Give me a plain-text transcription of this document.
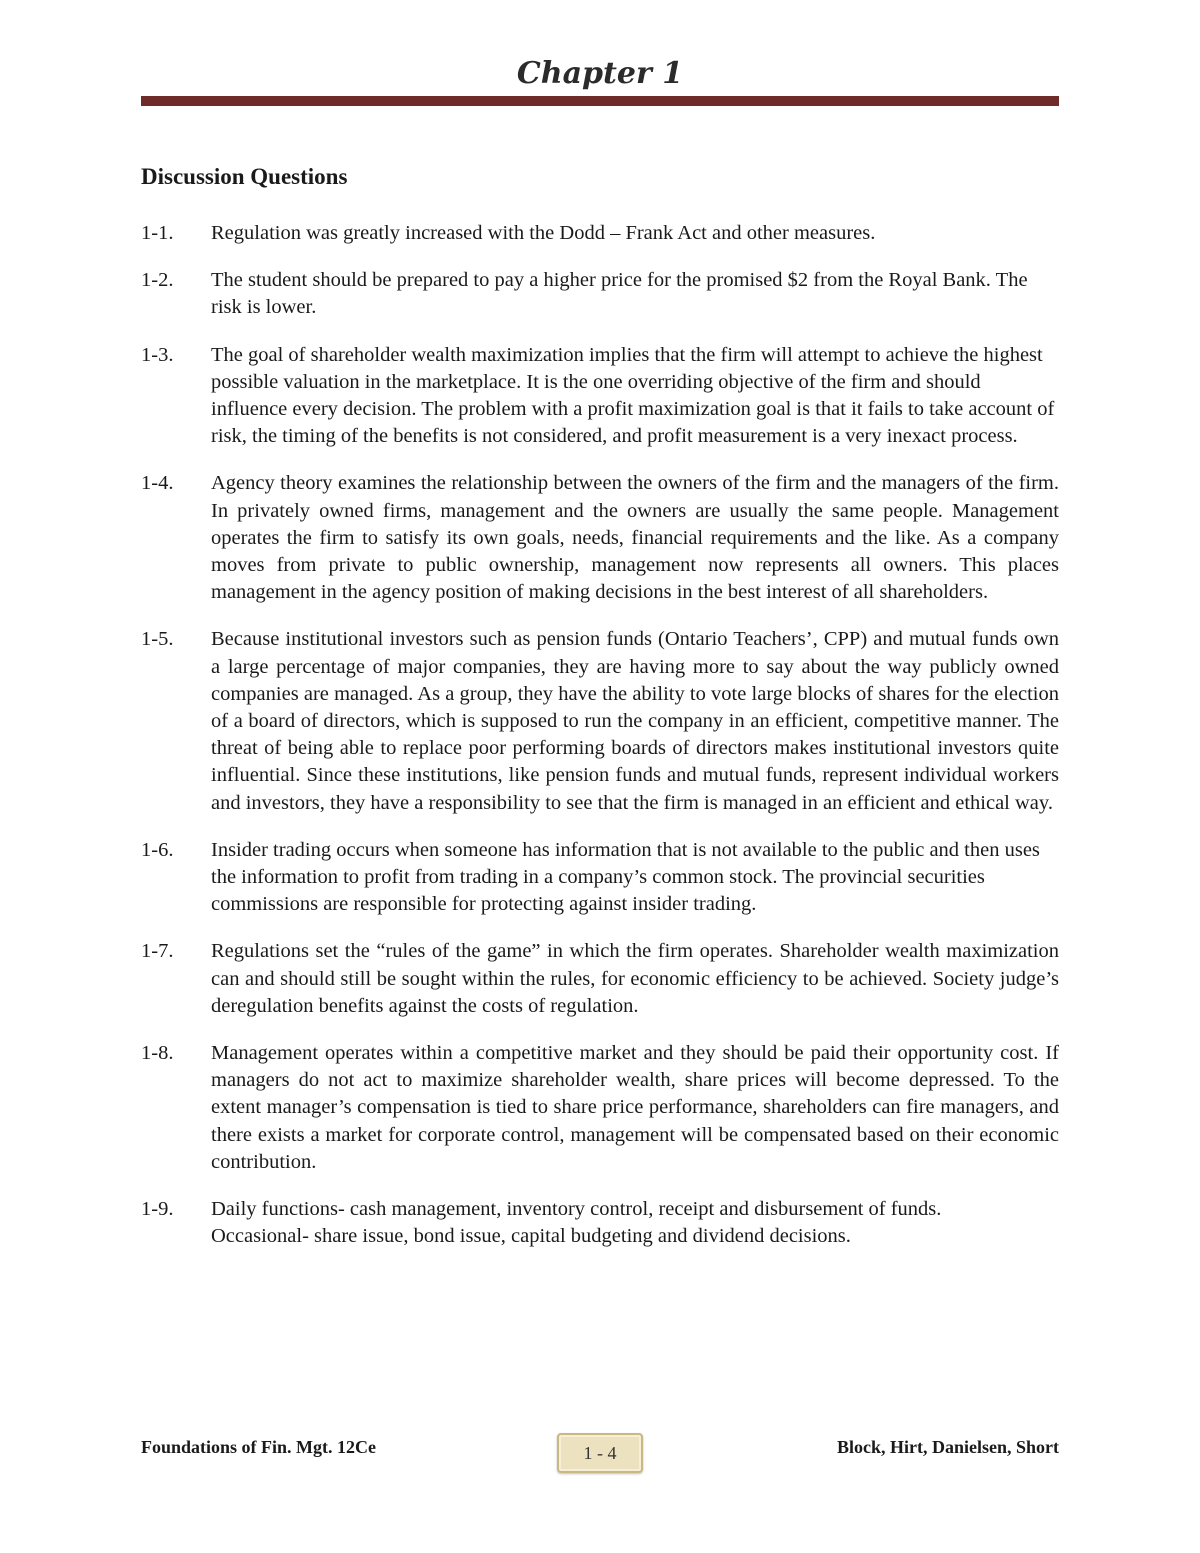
Chapter 1
Discussion Questions
1-1.	Regulation was greatly increased with the Dodd – Frank Act and other measures.

1-2.	The student should be prepared to pay a higher price for the promised $2 from the Royal Bank. The risk is lower.

1-3.	The goal of shareholder wealth maximization implies that the firm will attempt to achieve the highest possible valuation in the marketplace. It is the one overriding objective of the firm and should influence every decision. The problem with a profit maximization goal is that it fails to take account of risk, the timing of the benefits is not considered, and profit measurement is a very inexact process.

1-4.	Agency theory examines the relationship between the owners of the firm and the managers of the firm. In privately owned firms, management and the owners are usually the same people. Management operates the firm to satisfy its own goals, needs, financial requirements and the like. As a company moves from private to public ownership, management now represents all owners. This places management in the agency position of making decisions in the best interest of all shareholders.

1-5.	Because institutional investors such as pension funds (Ontario Teachers’, CPP) and mutual funds own a large percentage of major companies, they are having more to say about the way publicly owned companies are managed. As a group, they have the ability to vote large blocks of shares for the election of a board of directors, which is supposed to run the company in an efficient, competitive manner. The threat of being able to replace poor performing boards of directors makes institutional investors quite influential. Since these institutions, like pension funds and mutual funds, represent individual workers and investors, they have a responsibility to see that the firm is managed in an efficient and ethical way.

1-6.	Insider trading occurs when someone has information that is not available to the public and then uses the information to profit from trading in a company’s common stock. The provincial securities commissions are responsible for protecting against insider trading.

1-7.	Regulations set the “rules of the game” in which the firm operates. Shareholder wealth maximization can and should still be sought within the rules, for economic efficiency to be achieved. Society judge’s deregulation benefits against the costs of regulation.

1-8.	Management operates within a competitive market and they should be paid their opportunity cost. If managers do not act to maximize shareholder wealth, share prices will become depressed. To the extent manager’s compensation is tied to share price performance, shareholders can fire managers, and there exists a market for corporate control, management will be compensated based on their economic contribution.

1-9.	Daily functions- cash management, inventory control, receipt and disbursement of funds.
Occasional- share issue, bond issue, capital budgeting and dividend decisions.
Foundations of Fin. Mgt. 12Ce	1 - 4	Block, Hirt, Danielsen, Short
